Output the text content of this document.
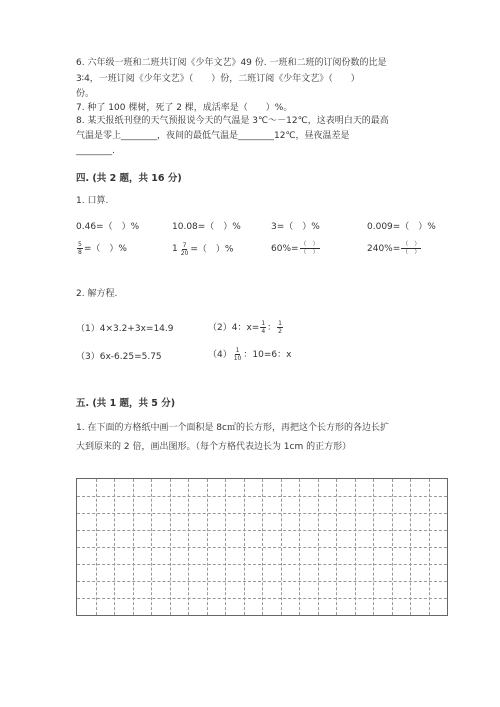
6. 六年级一班和二班共订阅《少年文艺》49 份. 一班和二班的订阅份数的比是
3∶4，一班订阅《少年文艺》（　　）份，二班订阅《少年文艺》（　　）
份。
7. 种了 100 棵树，死了 2 棵，成活率是（　　）%。
8. 某天报纸刊登的天气预报说今天的气温是 3℃～－12℃，这表明白天的最高
气温是零上________，夜间的最低气温是________12℃，昼夜温差是
________.
四. (共 2 题，共 16 分)
1. 口算.
0.46=（　）%	10.08=（　）%	3=（　）%	0.009=（　）%
$\frac{5}{8}$ =（　）%	$1 \frac{7}{20}$ =（　）%	$60\%= \frac{( )}{( )}$	$240\%= \frac{( )}{( )}$
2. 解方程.
（1）4×3.2+3x=14.9	（2）4：$x= \frac{1}{4}$ ： $\frac{1}{2}$
（3）6x-6.25=5.75	$(4) \frac{1}{10}$ ：10=6：x
五. (共 1 题，共 5 分)
1. 在下面的方格纸中画一个面积是 8c㎡的长方形，再把这个长方形的各边长扩
大到原来的 2 倍，画出图形。（每个方格代表边长为 1cm 的正方形）
